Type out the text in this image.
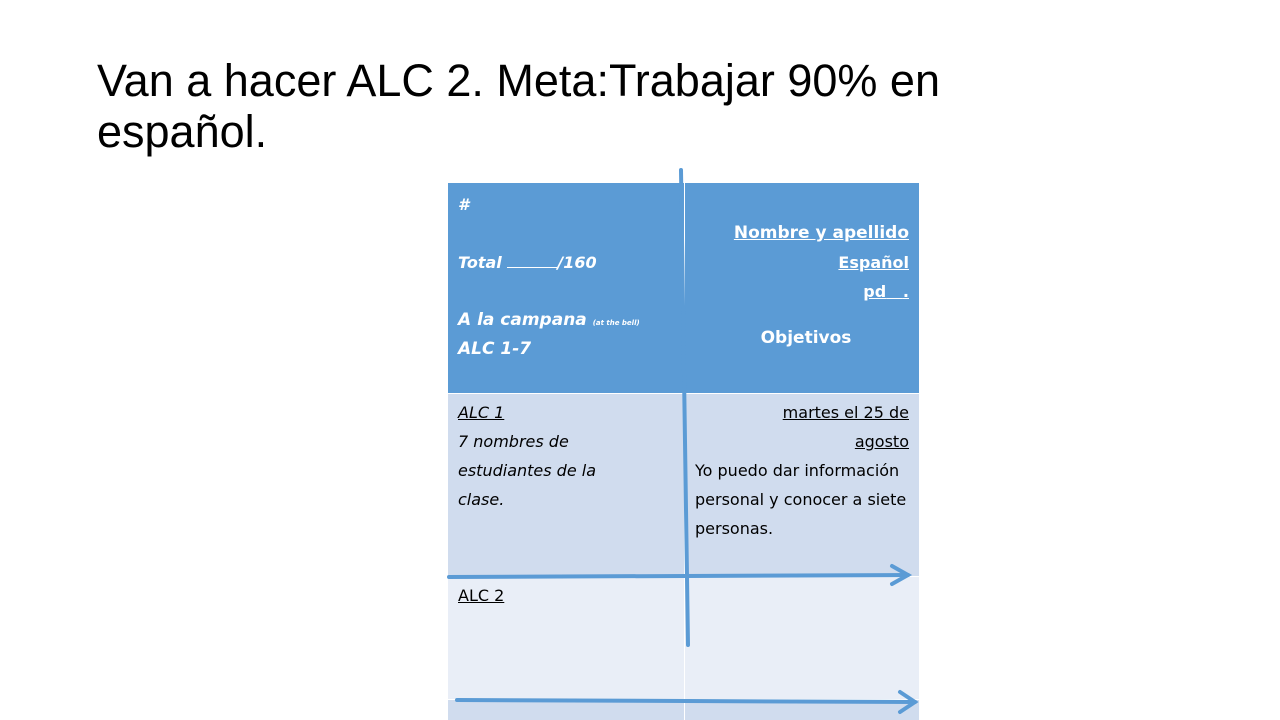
Van a hacer ALC 2. Meta:Trabajar 90% en español.
#
Total	/160
A la campana (at the bell)
ALC 1-7
Nombre y apellido
Español
pd .
Objetivos
ALC 1
7 nombres de estudiantes de la clase.
martes el 25 de agosto
Yo puedo dar información personal y conocer a siete personas.
ALC 2
